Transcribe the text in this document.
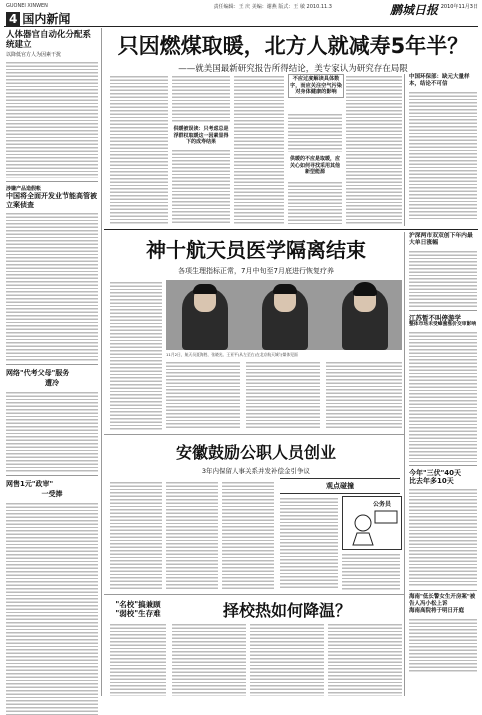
GUONEI XINWEN	责任编辑：王 庆 美编：谢燕 版式：王 敏 2010.11.3	鹏城日报 2010年11月3日
4 国内新闻
只因燃煤取暖，北方人就减寿5年半？
——就美国最新研究报告所得结论，美专家认为研究存在局限
人体器官自动化分配系统建立
以降低官方人为因素干扰
涉嫌产品造假帐
中国将全面开发业节能高管被立案侦查
网络"代考父母"服务
遭冷
网售1元"政审"
一受捧
供暖被误读：只考虑总是浮群权取暖这一因素显得下的成寿结果
不应过度解读具体数字，而应关注空气污染对身体健康的影响
供暖的不应是取暖，应关心如何寻找采用其他新型能源
中国环保部：缺元大量样本，结论不可信
神十航天员医学隔离结束
各项生理指标正常，7月中旬至7月底进行恢复疗养
11月2日，航天员聂海胜、张晓光、王亚平(从左至右)在北京航天城与媒体见面
沪深两市双双创下年内最大单日涨幅
江苏暂不叫停游学
整体市场未受蜂蜜涨价交审影响
今年"三伏"40天
比去年多10天
海南"低长警女生开房案"被告人冯小松上诉
海南高院将于明日开庭
安徽鼓励公职人员创业
3年内保留人事关系并发补偿金引争议
观点碰撞
公务员
"名校"搞兼顾
"弱校"生存难	择校热如何降温？
